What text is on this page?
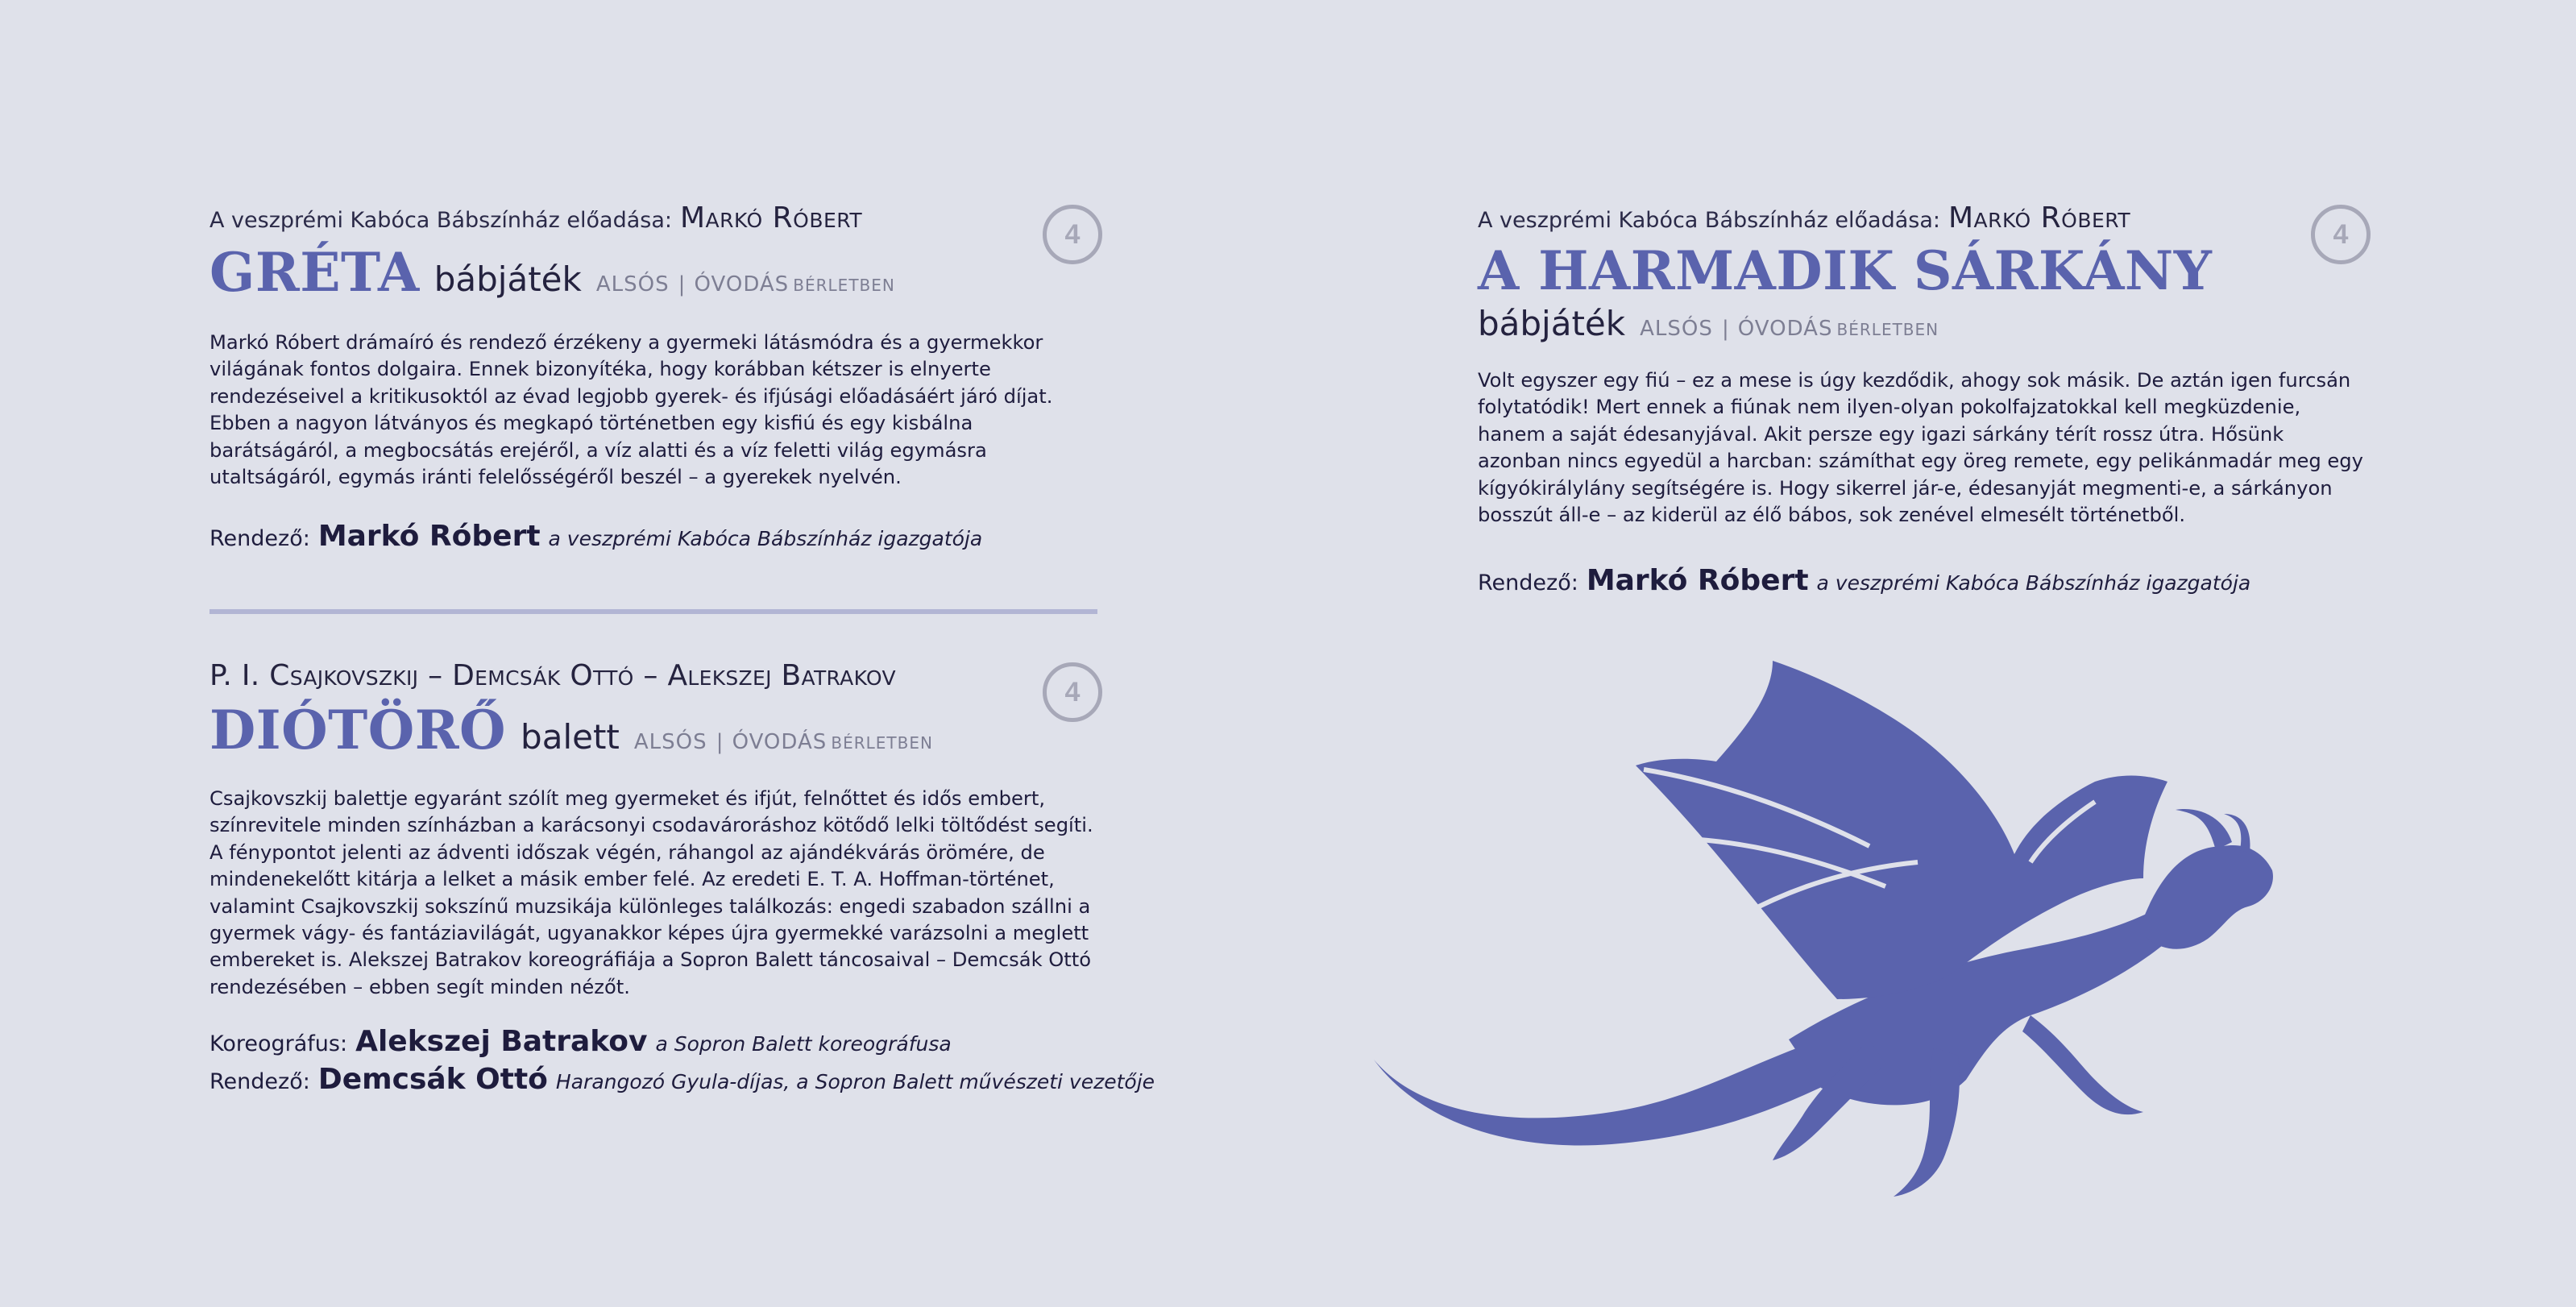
A veszprémi Kabóca Bábszínház előadása: Markó Róbert
GRÉTA bábjáték ALSÓS | ÓVODÁS BÉRLETBEN
Markó Róbert drámaíró és rendező érzékeny a gyermeki látásmódra és a gyermekkor világának fontos dolgaira. Ennek bizonyítéka, hogy korábban kétszer is elnyerte rendezéseivel a kritikusoktól az évad legjobb gyerek- és ifjúsági előadásáért járó díjat. Ebben a nagyon látványos és megkapó történetben egy kisfiú és egy kisbálna barátságáról, a megbocsátás erejéről, a víz alatti és a víz feletti világ egymásra utaltságáról, egymás iránti felelősségéről beszél – a gyerekek nyelvén.
Rendező: Markó Róbert a veszprémi Kabóca Bábszínház igazgatója
4
P. I. Csajkovszkij – Demcsák Ottó – Alekszej Batrakov
DIÓTÖRŐ balett ALSÓS | ÓVODÁS BÉRLETBEN
Csajkovszkij balettje egyaránt szólít meg gyermeket és ifjút, felnőttet és idős embert, színrevitele minden színházban a karácsonyi csodavároráshoz kötődő lelki töltődést segíti. A fénypontot jelenti az ádventi időszak végén, ráhangol az ajándékvárás örömére, de mindenekelőtt kitárja a lelket a másik ember felé. Az eredeti E. T. A. Hoffman-történet, valamint Csajkovszkij sokszínű muzsikája különleges találkozás: engedi szabadon szállni a gyermek vágy- és fantáziavilágát, ugyanakkor képes újra gyermekké varázsolni a meglett embereket is. Alekszej Batrakov koreográfiája a Sopron Balett táncosaival – Demcsák Ottó rendezésében – ebben segít minden nézőt.
Koreográfus: Alekszej Batrakov a Sopron Balett koreográfusa
Rendező: Demcsák Ottó Harangozó Gyula-díjas, a Sopron Balett művészeti vezetője
4
A veszprémi Kabóca Bábszínház előadása: Markó Róbert
A HARMADIK SÁRKÁNY
bábjáték ALSÓS | ÓVODÁS BÉRLETBEN
Volt egyszer egy fiú – ez a mese is úgy kezdődik, ahogy sok másik. De aztán igen furcsán folytatódik! Mert ennek a fiúnak nem ilyen-olyan pokolfajzatokkal kell megküzdenie, hanem a saját édesanyjával. Akit persze egy igazi sárkány térít rossz útra. Hősünk azonban nincs egyedül a harcban: számíthat egy öreg remete, egy pelikánmadár meg egy kígyókirálylány segítségére is. Hogy sikerrel jár-e, édesanyját megmenti-e, a sárkányon bosszút áll-e – az kiderül az élő bábos, sok zenével elmesélt történetből.
Rendező: Markó Róbert a veszprémi Kabóca Bábszínház igazgatója
4
